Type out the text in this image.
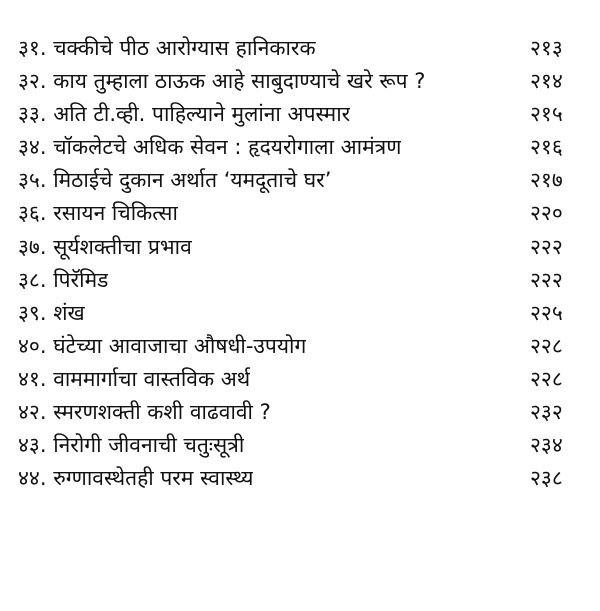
३१. चक्कीचे पीठ आरोग्यास हानिकारक	२१३
३२. काय तुम्हाला ठाऊक आहे साबुदाण्याचे खरे रूप ?	२१४
३३. अति टी.व्ही. पाहिल्याने मुलांना अपस्मार	२१५
३४. चॉकलेटचे अधिक सेवन : हृदयरोगाला आमंत्रण	२१६
३५. मिठाईचे दुकान अर्थात ‘यमदूताचे घर’	२१७
३६. रसायन चिकित्सा	२२०
३७. सूर्यशक्तीचा प्रभाव	२२२
३८. पिरॅमिड	२२२
३९. शंख	२२५
४०. घंटेच्या आवाजाचा औषधी-उपयोग	२२८
४१. वाममार्गाचा वास्तविक अर्थ	२२८
४२. स्मरणशक्ती कशी वाढवावी ?	२३२
४३. निरोगी जीवनाची चतुःसूत्री	२३४
४४. रुग्णावस्थेतही परम स्वास्थ्य	२३८
